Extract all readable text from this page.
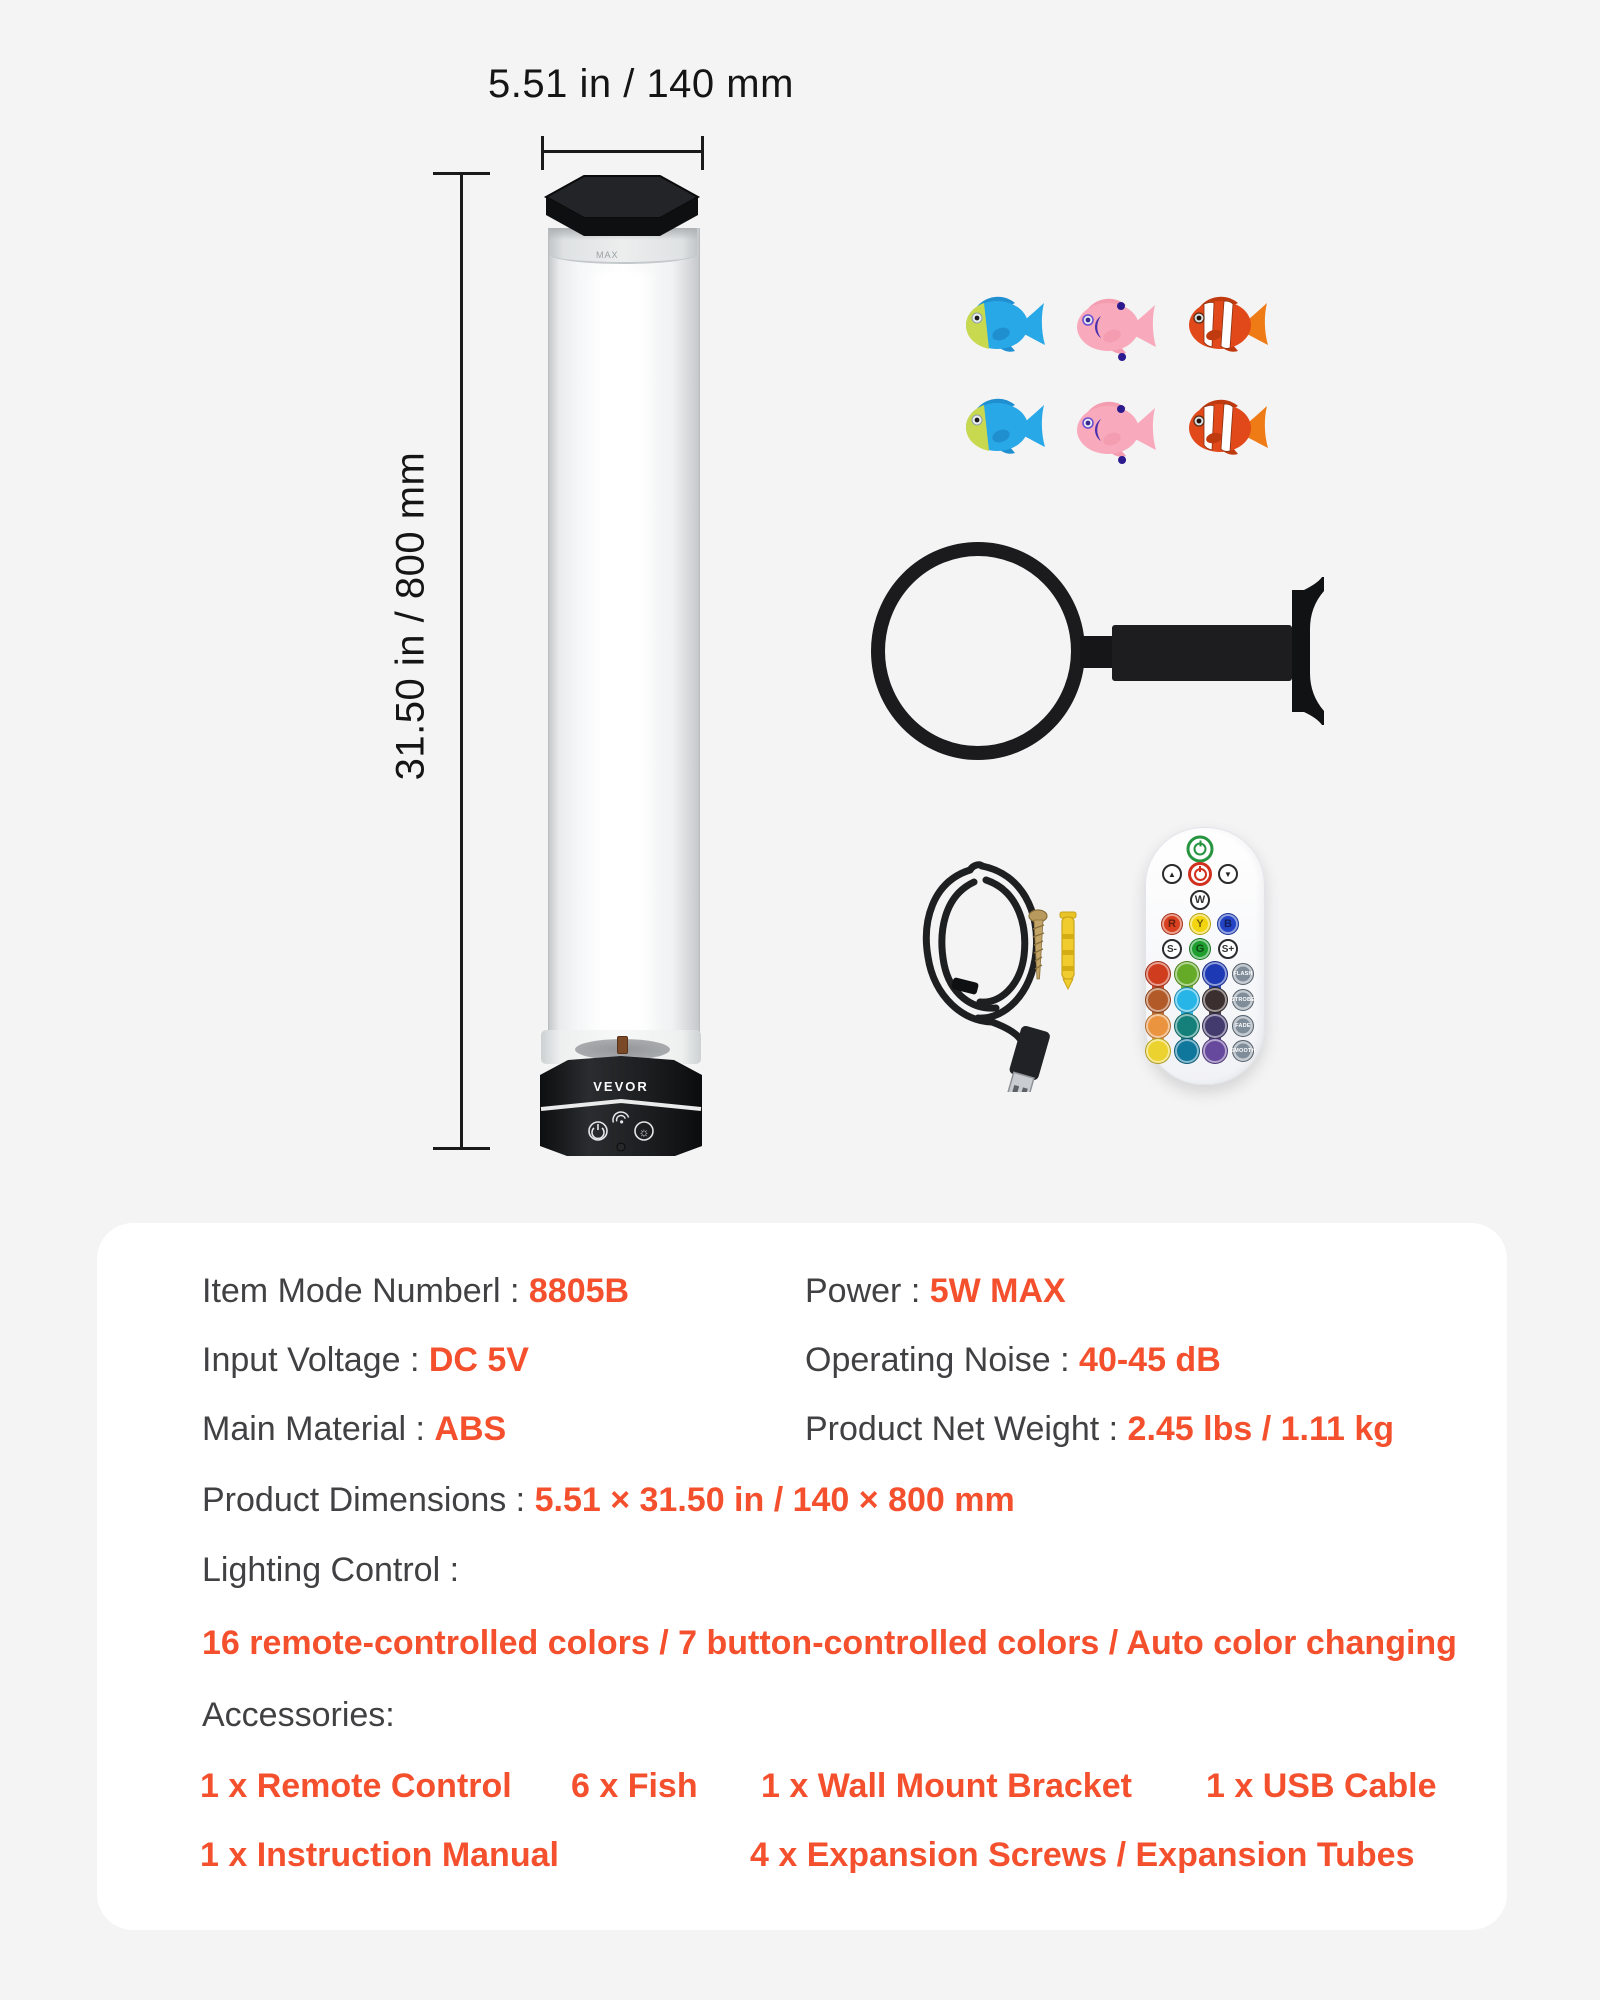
5.51 in / 140 mm
31.50 in / 800 mm
MAX
VEVOR
☼
▲	▼
W
R	Y	B
S-	G	S+
FLASH
STROBE
FADE
SMOOTH
Item Mode Numberl : 8805B	Power : 5W MAX
Input Voltage : DC 5V	Operating Noise : 40-45 dB
Main Material : ABS	Product Net Weight : 2.45 lbs / 1.11 kg
Product Dimensions : 5.51 × 31.50 in / 140 × 800 mm
Lighting Control :
16 remote-controlled colors / 7 button-controlled colors / Auto color changing
Accessories:
1 x Remote Control 6 x Fish 1 x Wall Mount Bracket 1 x USB Cable
1 x Instruction Manual	4 x Expansion Screws / Expansion Tubes
